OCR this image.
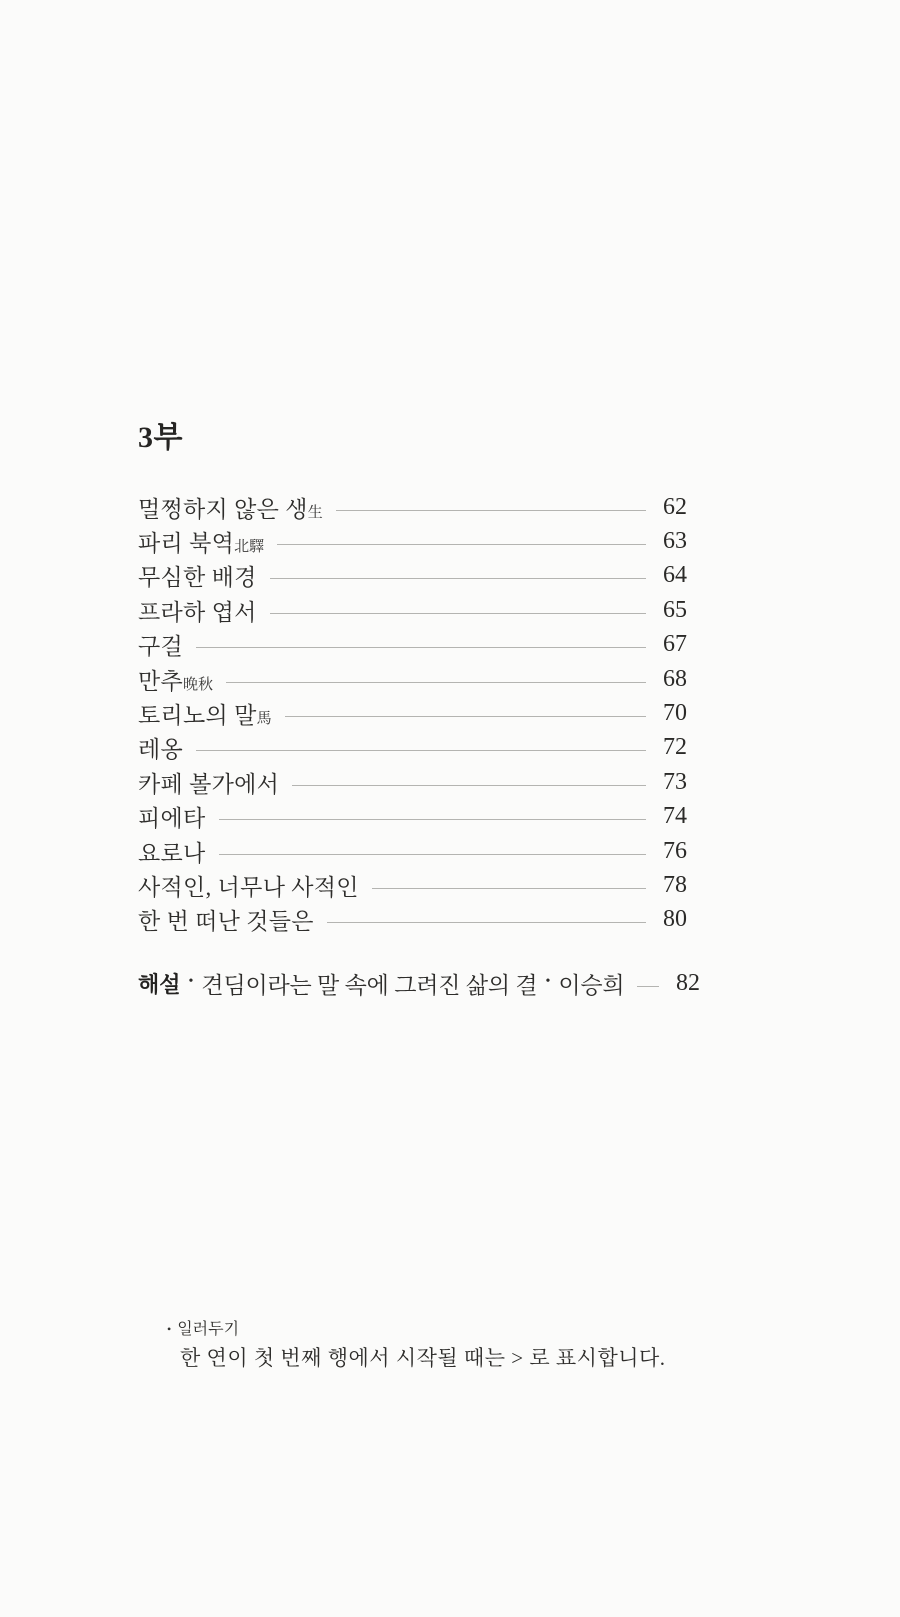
3부
멀쩡하지 않은 생生	62
파리 북역北驛	63
무심한 배경	64
프라하 엽서	65
구걸	67
만추晚秋	68
토리노의 말馬	70
레옹	72
카페 볼가에서	73
피에타	74
요로나	76
사적인, 너무나 사적인	78
한 번 떠난 것들은	80
해설 • 견딤이라는 말 속에 그려진 삶의 결 • 이승희	82
• 일러두기
한 연이 첫 번째 행에서 시작될 때는 > 로 표시합니다.
